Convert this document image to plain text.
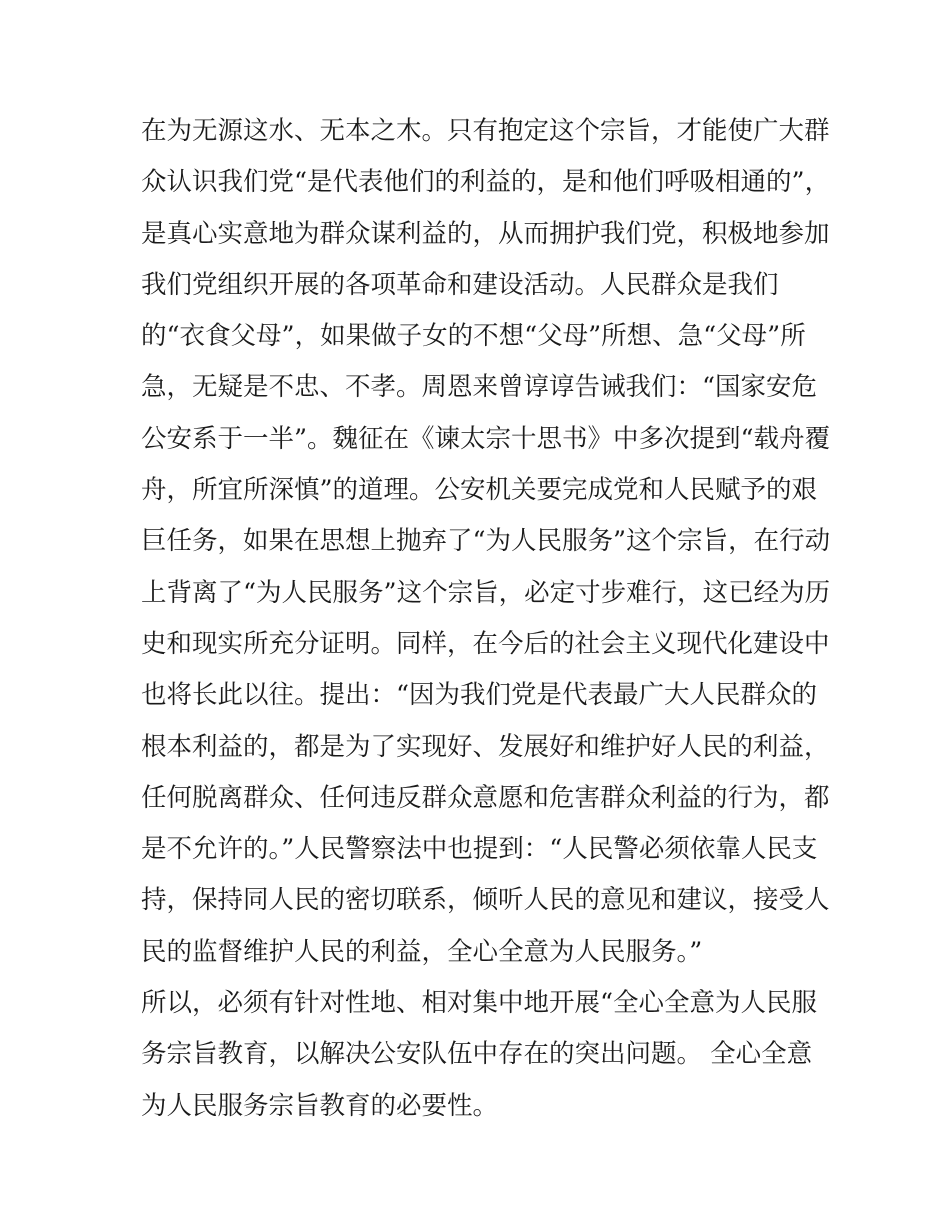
在为无源这水、无本之木。只有抱定这个宗旨，才能使广大群
众认识我们党“是代表他们的利益的，是和他们呼吸相通的”，
是真心实意地为群众谋利益的，从而拥护我们党，积极地参加
我们党组织开展的各项革命和建设活动。人民群众是我们
的“衣食父母”，如果做子女的不想“父母”所想、急“父母”所
急，无疑是不忠、不孝。周恩来曾谆谆告诫我们：“国家安危
公安系于一半”。魏征在《谏太宗十思书》中多次提到“载舟覆
舟，所宜所深慎”的道理。公安机关要完成党和人民赋予的艰
巨任务，如果在思想上抛弃了“为人民服务”这个宗旨，在行动
上背离了“为人民服务”这个宗旨，必定寸步难行，这已经为历
史和现实所充分证明。同样，在今后的社会主义现代化建设中
也将长此以往。提出：“因为我们党是代表最广大人民群众的
根本利益的，都是为了实现好、发展好和维护好人民的利益，
任何脱离群众、任何违反群众意愿和危害群众利益的行为，都
是不允许的。”人民警察法中也提到：“人民警必须依靠人民支
持，保持同人民的密切联系，倾听人民的意见和建议，接受人
民的监督维护人民的利益，全心全意为人民服务。”
所以，必须有针对性地、相对集中地开展“全心全意为人民服
务宗旨教育，以解决公安队伍中存在的突出问题。 全心全意
为人民服务宗旨教育的必要性。
